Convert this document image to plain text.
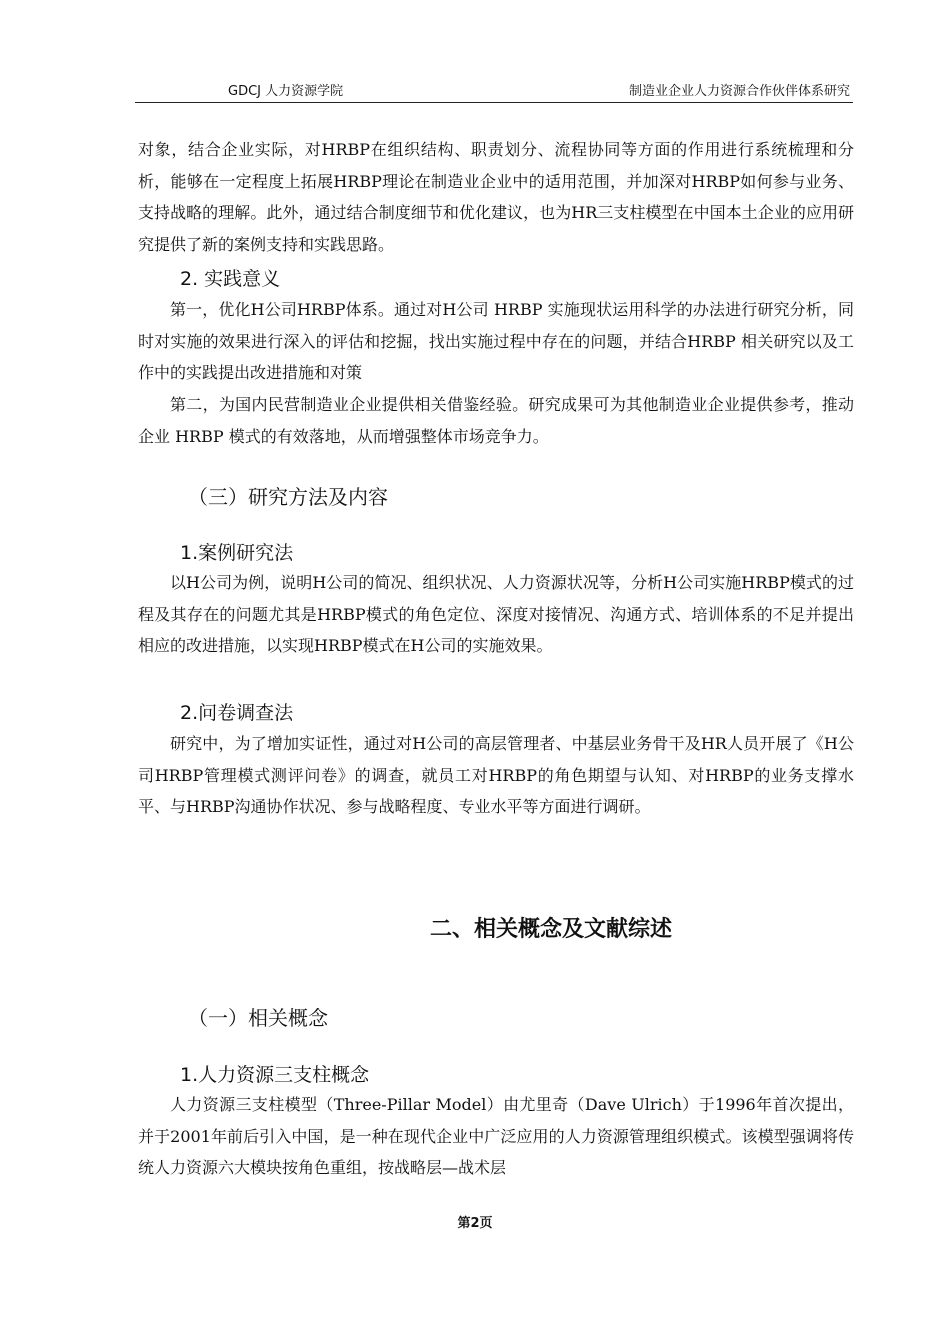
GDCJ 人力资源学院	制造业企业人力资源合作伙伴体系研究

对象，结合企业实际，对HRBP在组织结构、职责划分、流程协同等方面的作用进行系统梳理和分析，能够在一定程度上拓展HRBP理论在制造业企业中的适用范围，并加深对HRBP如何参与业务、支持战略的理解。此外，通过结合制度细节和优化建议，也为HR三支柱模型在中国本土企业的应用研究提供了新的案例支持和实践思路。

2. 实践意义

第一，优化H公司HRBP体系。通过对H公司 HRBP 实施现状运用科学的办法进行研究分析，同时对实施的效果进行深入的评估和挖掘，找出实施过程中存在的问题，并结合HRBP 相关研究以及工作中的实践提出改进措施和对策

第二，为国内民营制造业企业提供相关借鉴经验。研究成果可为其他制造业企业提供参考，推动企业 HRBP 模式的有效落地，从而增强整体市场竞争力。

（三）研究方法及内容

1.案例研究法

以H公司为例，说明H公司的简况、组织状况、人力资源状况等，分析H公司实施HRBP模式的过程及其存在的问题尤其是HRBP模式的角色定位、深度对接情况、沟通方式、培训体系的不足并提出相应的改进措施，以实现HRBP模式在H公司的实施效果。

2.问卷调查法

研究中，为了增加实证性，通过对H公司的高层管理者、中基层业务骨干及HR人员开展了《H公司HRBP管理模式测评问卷》的调查，就员工对HRBP的角色期望与认知、对HRBP的业务支撑水平、与HRBP沟通协作状况、参与战略程度、专业水平等方面进行调研。

二、相关概念及文献综述

（一）相关概念

1.人力资源三支柱概念

人力资源三支柱模型（Three-Pillar Model）由尤里奇（Dave Ulrich）于1996年首次提出，并于2001年前后引入中国，是一种在现代企业中广泛应用的人力资源管理组织模式。该模型强调将传统人力资源六大模块按角色重组，按战略层—战术层

第2页
